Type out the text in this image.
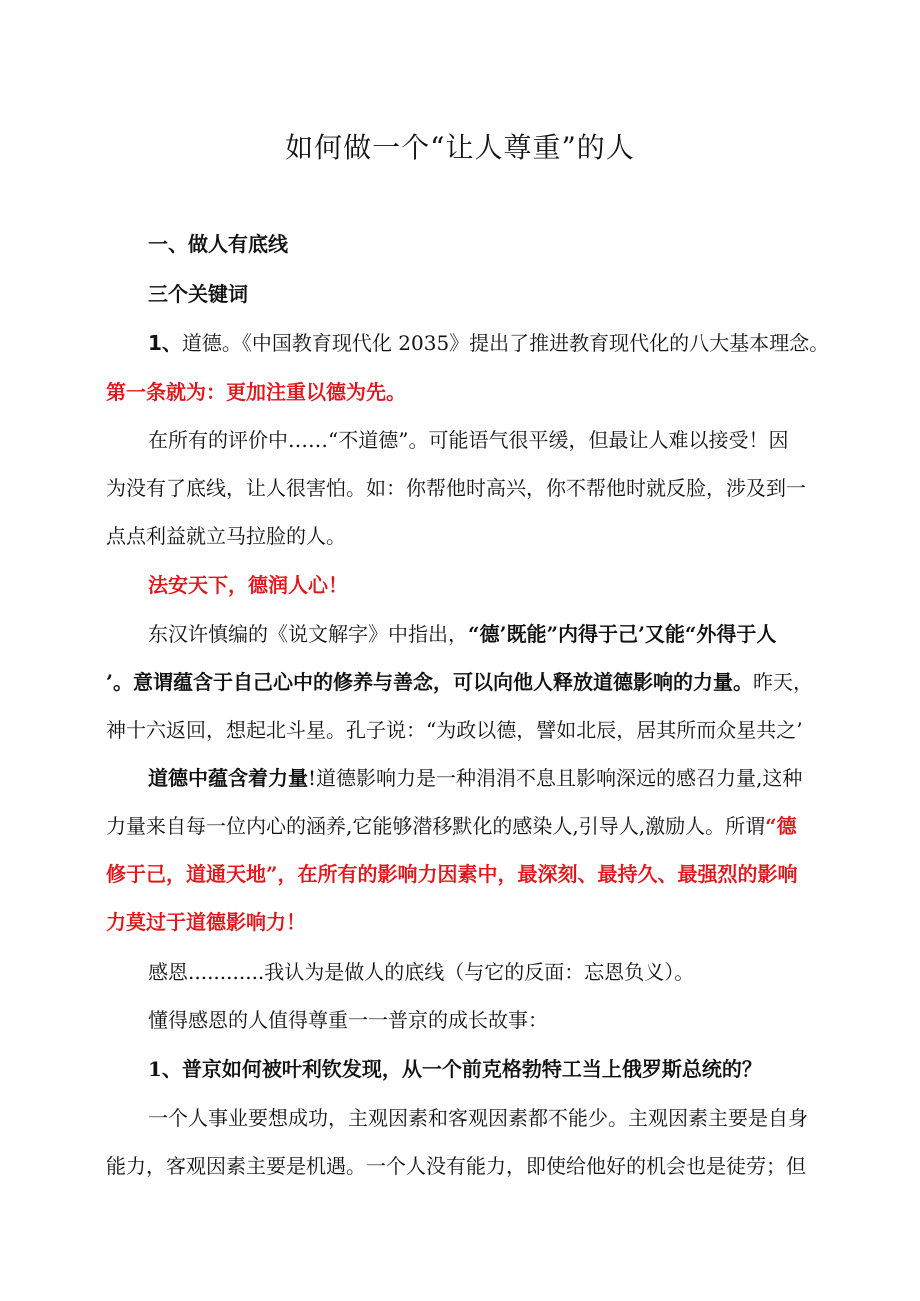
如何做一个“让人尊重”的人
一、做人有底线
三个关键词
1、道德。《中国教育现代化 2035》提出了推进教育现代化的八大基本理念。
第一条就为：更加注重以德为先。
在所有的评价中……“不道德”。可能语气很平缓，但最让人难以接受！因
为没有了底线，让人很害怕。如：你帮他时高兴，你不帮他时就反脸，涉及到一
点点利益就立马拉脸的人。
法安天下，德润人心！
东汉许慎编的《说文解字》中指出，“德’既能”内得于己’又能“外得于人
’。意谓蕴含于自己心中的修养与善念，可以向他人释放道德影响的力量。昨天，
神十六返回，想起北斗星。孔子说：“为政以德，譬如北辰，居其所而众星共之’
道德中蕴含着力量!道德影响力是一种涓涓不息且影响深远的感召力量,这种
力量来自每一位内心的涵养,它能够潜移默化的感染人,引导人,激励人。所谓“德
修于己，道通天地”，在所有的影响力因素中，最深刻、最持久、最强烈的影响
力莫过于道德影响力！
感恩............我认为是做人的底线（与它的反面：忘恩负义）。
懂得感恩的人值得尊重一一普京的成长故事：
1、普京如何被叶利钦发现，从一个前克格勃特工当上俄罗斯总统的？
一个人事业要想成功，主观因素和客观因素都不能少。主观因素主要是自身
能力，客观因素主要是机遇。一个人没有能力，即使给他好的机会也是徒劳；但
